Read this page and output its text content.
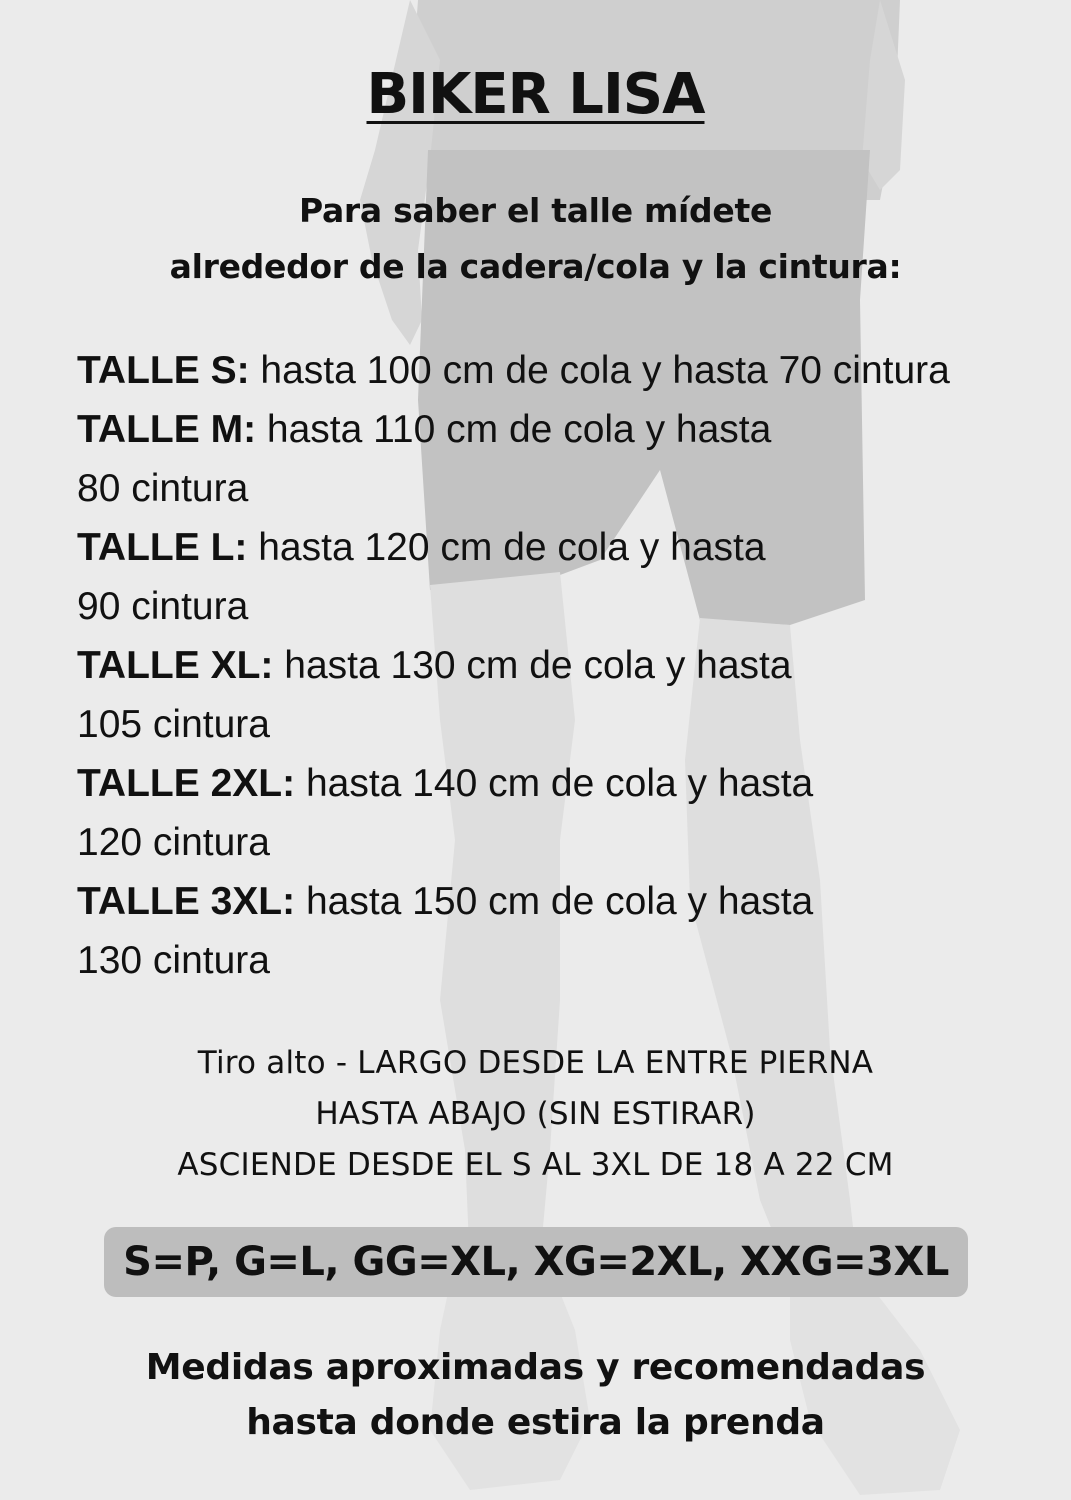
BIKER LISA
Para saber el talle mídete
alrededor de la cadera/cola y la cintura:
TALLE S: hasta 100 cm de cola y hasta 70 cintura
TALLE M: hasta 110 cm de cola y hasta
80 cintura
TALLE L: hasta 120 cm de cola y hasta
90 cintura
TALLE XL: hasta 130 cm de cola y hasta
105 cintura
TALLE 2XL: hasta 140 cm de cola y hasta
120 cintura
TALLE 3XL: hasta 150 cm de cola y hasta
130 cintura
Tiro alto - LARGO DESDE LA ENTRE PIERNA
HASTA ABAJO (SIN ESTIRAR)
ASCIENDE DESDE EL S AL 3XL DE 18 A 22 CM
S=P, G=L, GG=XL, XG=2XL, XXG=3XL
Medidas aproximadas y recomendadas
hasta donde estira la prenda
